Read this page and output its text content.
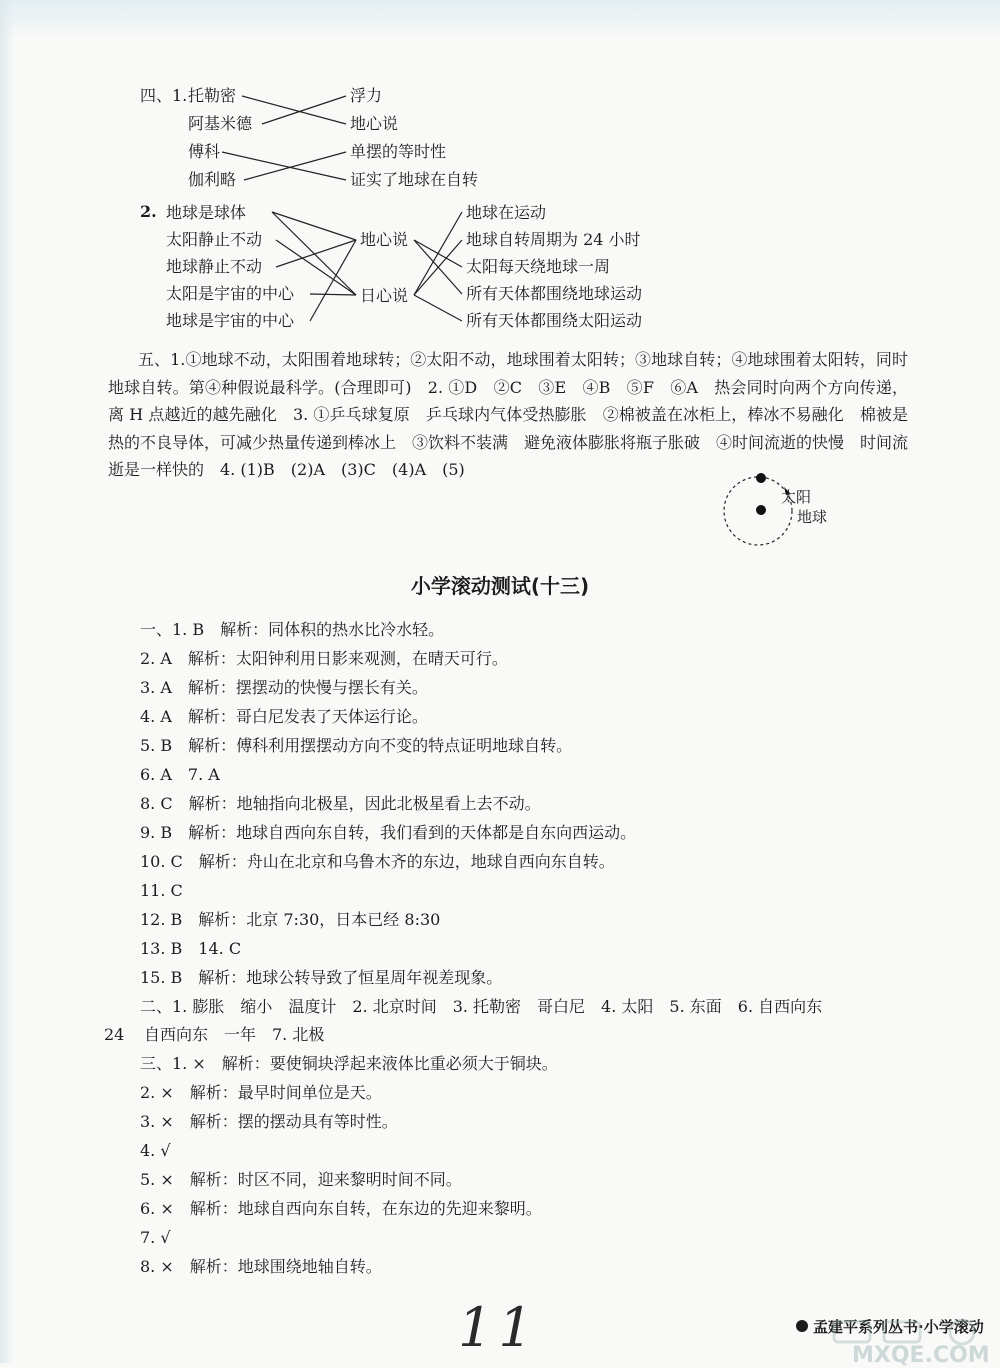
四、1. 托勒密
阿基米德
傅科
伽利略
浮力
地心说
单摆的等时性
证实了地球在自转
2. 地球是球体
太阳静止不动
地球静止不动
太阳是宇宙的中心
地球是宇宙的中心
地心说
日心说
地球在运动
地球自转周期为 24 小时
太阳每天绕地球一周
所有天体都围绕地球运动
所有天体都围绕太阳运动
太阳
地球
五、1.①地球不动，太阳围着地球转；②太阳不动，地球围着太阳转；③地球自转；④地球围着太阳转，同时地球自转。第④种假说最科学。(合理即可)　2. ①D　②C　③E　④B　⑤F　⑥A　热会同时向两个方向传递，离 H 点越近的越先融化　3. ①乒乓球复原　乒乓球内气体受热膨胀　②棉被盖在冰柜上，棒冰不易融化　棉被是热的不良导体，可减少热量传递到棒冰上　③饮料不装满　避免液体膨胀将瓶子胀破　④时间流逝的快慢　时间流逝是一样快的　4. (1)B　(2)A　(3)C　(4)A　(5)
小学滚动测试(十三)
一、1. B　解析：同体积的热水比冷水轻。
2. A　解析：太阳钟利用日影来观测，在晴天可行。
3. A　解析：摆摆动的快慢与摆长有关。
4. A　解析：哥白尼发表了天体运行论。
5. B　解析：傅科利用摆摆动方向不变的特点证明地球自转。
6. A　7. A
8. C　解析：地轴指向北极星，因此北极星看上去不动。
9. B　解析：地球自西向东自转，我们看到的天体都是自东向西运动。
10. C　解析：舟山在北京和乌鲁木齐的东边，地球自西向东自转。
11. C
12. B　解析：北京 7:30，日本已经 8:30
13. B　14. C
15. B　解析：地球公转导致了恒星周年视差现象。
二、1. 膨胀　缩小　温度计　2. 北京时间　3. 托勒密　哥白尼　4. 太阳　5. 东面　6. 自西向东
24 自西向东　一年　7. 北极
三、1. ×　解析：要使铜块浮起来液体比重必须大于铜块。
2. ×　解析：最早时间单位是天。
3. ×　解析：摆的摆动具有等时性。
4. √
5. ×　解析：时区不同，迎来黎明时间不同。
6. ×　解析：地球自西向东自转，在东边的先迎来黎明。
7. √
8. ×　解析：地球围绕地轴自转。
11	孟建平系列丛书·小学滚动
MXQE.COM
